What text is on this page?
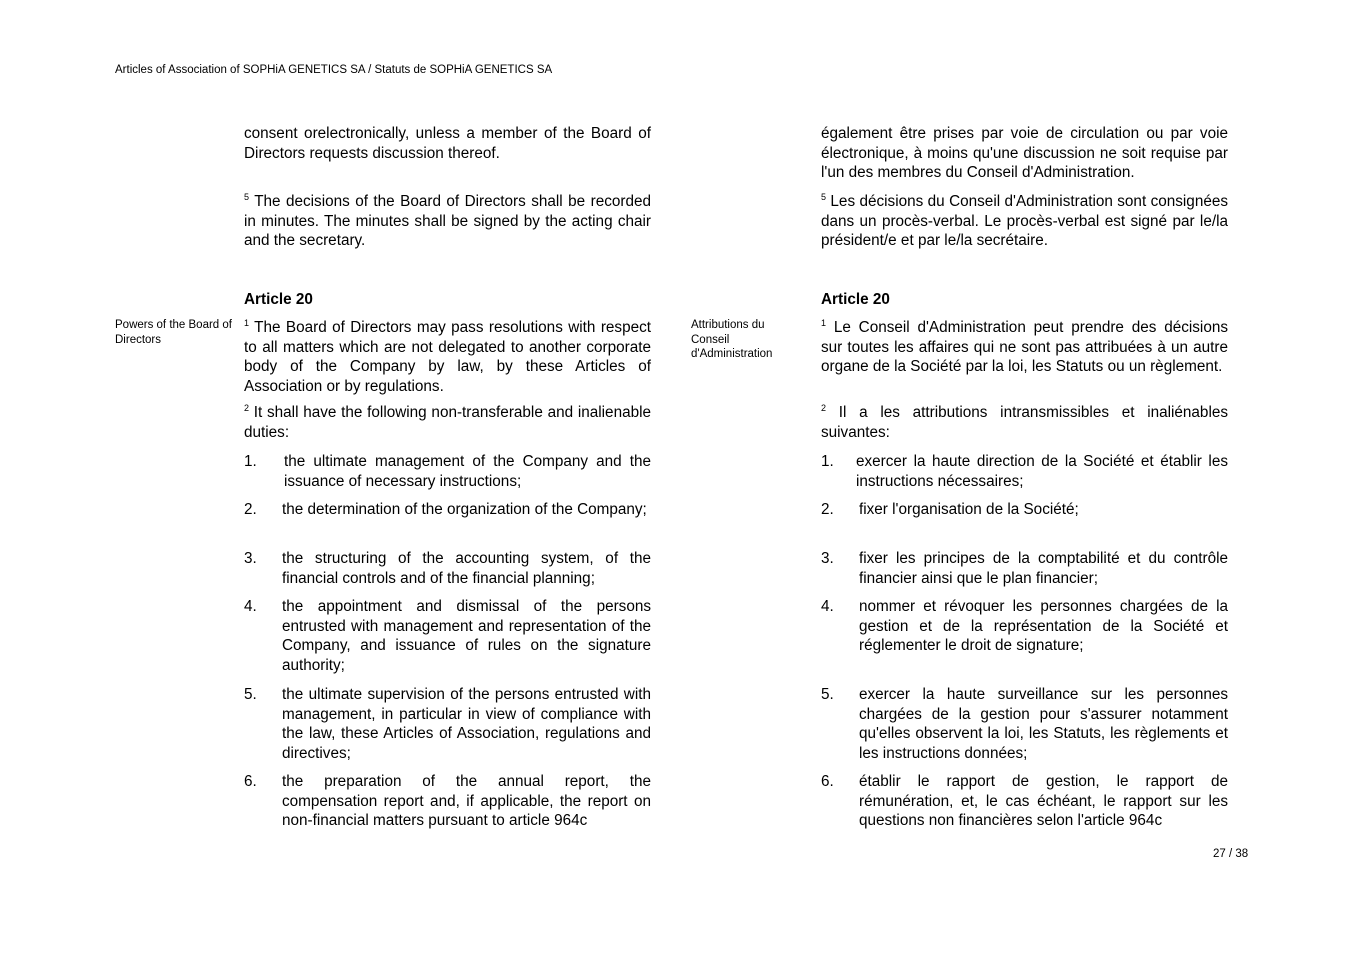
Articles of Association of SOPHiA GENETICS SA / Statuts de SOPHiA GENETICS SA
consent orelectronically, unless a member of the Board of Directors requests discussion thereof.
$^5$ The decisions of the Board of Directors shall be recorded in minutes. The minutes shall be signed by the acting chair and the secretary.
Article 20
Powers of the Board of Directors
$^1$ The Board of Directors may pass resolutions with respect to all matters which are not delegated to another corporate body of the Company by law, by these Articles of Association or by regulations.
$^2$ It shall have the following non-transferable and inalienable duties:
1. the ultimate management of the Company and the issuance of necessary instructions;
2. the determination of the organization of the Company;
3. the structuring of the accounting system, of the financial controls and of the financial planning;
4. the appointment and dismissal of the persons entrusted with management and representation of the Company, and issuance of rules on the signature authority;
5. the ultimate supervision of the persons entrusted with management, in particular in view of compliance with the law, these Articles of Association, regulations and directives;
6. the preparation of the annual report, the compensation report and, if applicable, the report on non-financial matters pursuant to article 964c
également être prises par voie de circulation ou par voie électronique, à moins qu'une discussion ne soit requise par l'un des membres du Conseil d'Administration.
$^5$ Les décisions du Conseil d'Administration sont consignées dans un procès-verbal. Le procès-verbal est signé par le/la président/e et par le/la secrétaire.
Article 20
Attributions du Conseil d'Administration
$^1$ Le Conseil d'Administration peut prendre des décisions sur toutes les affaires qui ne sont pas attribuées à un autre organe de la Société par la loi, les Statuts ou un règlement.
$^2$ Il a les attributions intransmissibles et inaliénables suivantes:
1. exercer la haute direction de la Société et établir les instructions nécessaires;
2. fixer l'organisation de la Société;
3. fixer les principes de la comptabilité et du contrôle financier ainsi que le plan financier;
4. nommer et révoquer les personnes chargées de la gestion et de la représentation de la Société et réglementer le droit de signature;
5. exercer la haute surveillance sur les personnes chargées de la gestion pour s'assurer notamment qu'elles observent la loi, les Statuts, les règlements et les instructions données;
6. établir le rapport de gestion, le rapport de rémunération, et, le cas échéant, le rapport sur les questions non financières selon l'article 964c
27 / 38
